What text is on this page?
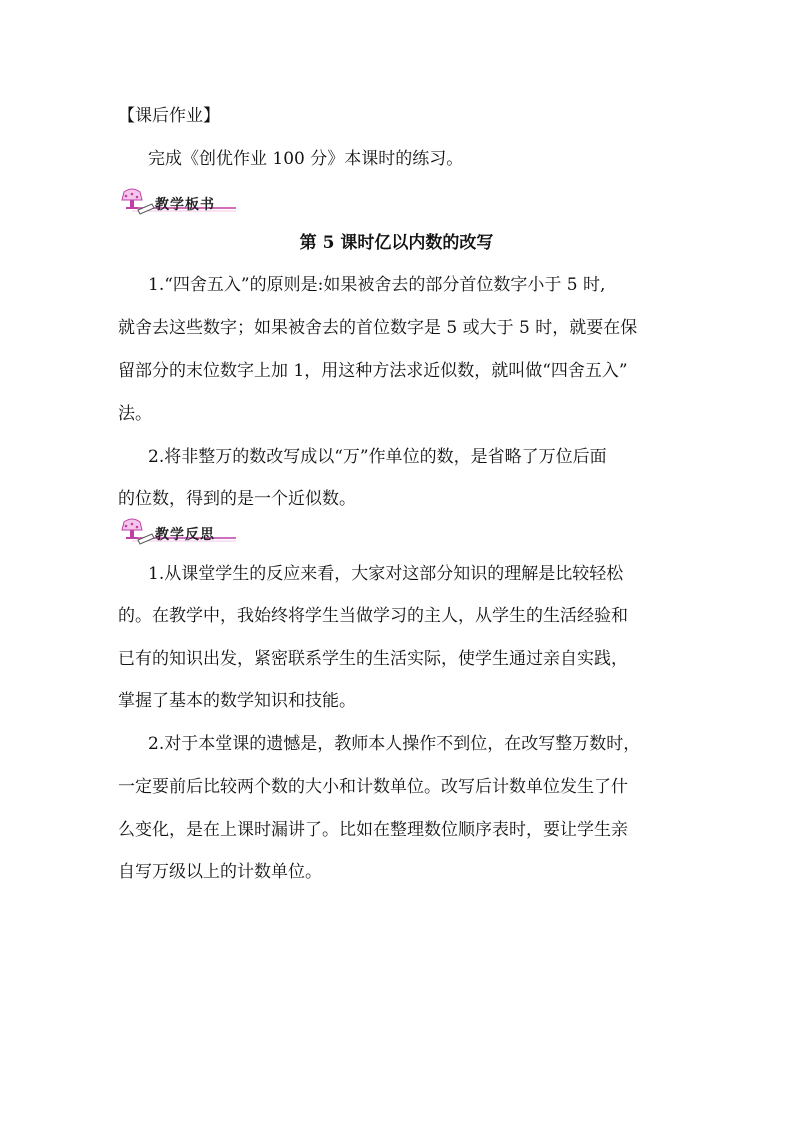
【课后作业】
完成《创优作业 100 分》本课时的练习。
教学板书
第 5 课时亿以内数的改写
1.“四舍五入”的原则是:如果被舍去的部分首位数字小于 5 时,
就舍去这些数字；如果被舍去的首位数字是 5 或大于 5 时，就要在保
留部分的末位数字上加 1，用这种方法求近似数，就叫做“四舍五入”
法。
2.将非整万的数改写成以“万”作单位的数，是省略了万位后面
的位数，得到的是一个近似数。
教学反思
1.从课堂学生的反应来看，大家对这部分知识的理解是比较轻松
的。在教学中，我始终将学生当做学习的主人，从学生的生活经验和
已有的知识出发，紧密联系学生的生活实际，使学生通过亲自实践，
掌握了基本的数学知识和技能。
2.对于本堂课的遗憾是，教师本人操作不到位，在改写整万数时，
一定要前后比较两个数的大小和计数单位。改写后计数单位发生了什
么变化，是在上课时漏讲了。比如在整理数位顺序表时，要让学生亲
自写万级以上的计数单位。
